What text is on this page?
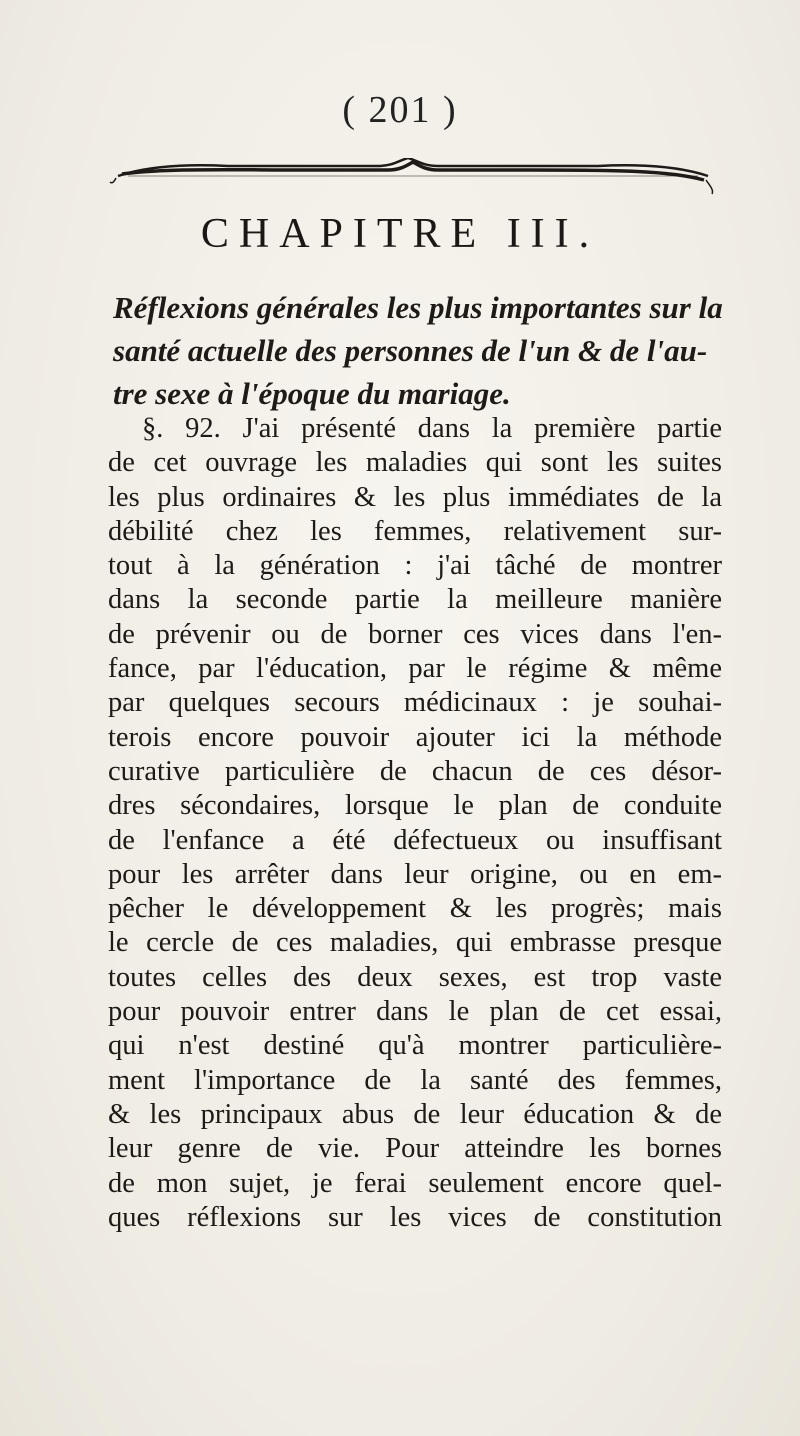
( 201 )
CHAPITRE III.
Réflexions générales les plus importantes sur la
santé actuelle des personnes de l'un & de l'au-
tre sexe à l'époque du mariage.
§. 92. J'ai présenté dans la première partie
de cet ouvrage les maladies qui sont les suites
les plus ordinaires & les plus immédiates de la
débilité chez les femmes, relativement sur-
tout à la génération : j'ai tâché de montrer
dans la seconde partie la meilleure manière
de prévenir ou de borner ces vices dans l'en-
fance, par l'éducation, par le régime & même
par quelques secours médicinaux : je souhai-
terois encore pouvoir ajouter ici la méthode
curative particulière de chacun de ces désor-
dres sécondaires, lorsque le plan de conduite
de l'enfance a été défectueux ou insuffisant
pour les arrêter dans leur origine, ou en em-
pêcher le développement & les progrès; mais
le cercle de ces maladies, qui embrasse presque
toutes celles des deux sexes, est trop vaste
pour pouvoir entrer dans le plan de cet essai,
qui n'est destiné qu'à montrer particulière-
ment l'importance de la santé des femmes,
& les principaux abus de leur éducation & de
leur genre de vie. Pour atteindre les bornes
de mon sujet, je ferai seulement encore quel-
ques réflexions sur les vices de constitution
